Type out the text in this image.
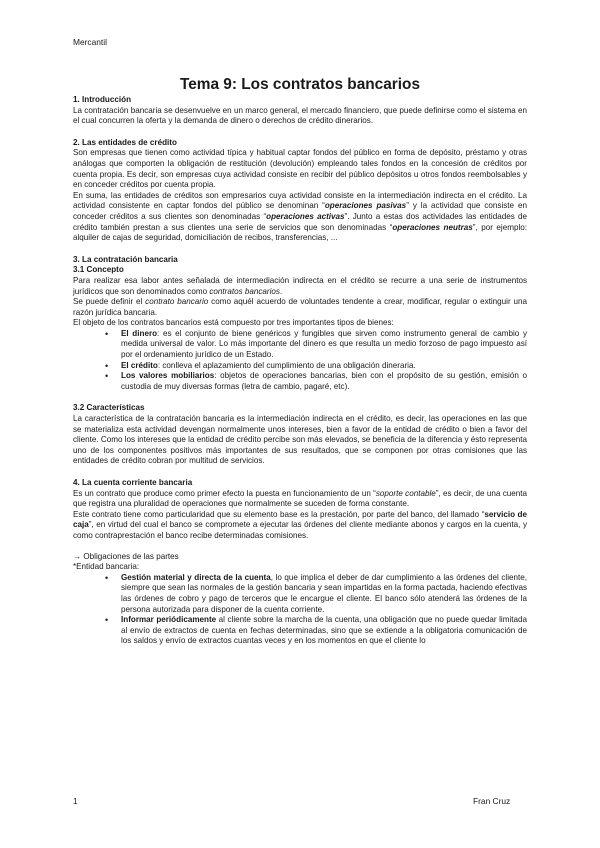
Mercantil
Tema 9: Los contratos bancarios

1. Introducción

La contratación bancaria se desenvuelve en un marco general, el mercado financiero, que puede definirse como el sistema en el cual concurren la oferta y la demanda de dinero o derechos de crédito dinerarios.

2. Las entidades de crédito

Son empresas que tienen como actividad típica y habitual captar fondos del público en forma de depósito, préstamo y otras análogas que comporten la obligación de restitución (devolución) empleando tales fondos en la concesión de créditos por cuenta propia. Es decir, son empresas cuya actividad consiste en recibir del público depósitos u otros fondos reembolsables y en conceder créditos por cuenta propia.

En suma, las entidades de créditos son empresarios cuya actividad consiste en la intermediación indirecta en el crédito. La actividad consistente en captar fondos del público se denominan “operaciones pasivas” y la actividad que consiste en conceder créditos a sus clientes son denominadas “operaciones activas”. Junto a estas dos actividades las entidades de crédito también prestan a sus clientes una serie de servicios que son denominadas “operaciones neutras”, por ejemplo: alquiler de cajas de seguridad, domiciliación de recibos, transferencias, ...

3. La contratación bancaria

3.1 Concepto

Para realizar esa labor antes señalada de intermediación indirecta en el crédito se recurre a una serie de instrumentos jurídicos que son denominados como contratos bancarios.

Se puede definir el contrato bancario como aquél acuerdo de voluntades tendente a crear, modificar, regular o extinguir una razón jurídica bancaria.

El objeto de los contratos bancarios está compuesto por tres importantes tipos de bienes:

• El dinero: es el conjunto de biene genéricos y fungibles que sirven como instrumento general de cambio y medida universal de valor. Lo más importante del dinero es que resulta un medio forzoso de pago impuesto así por el ordenamiento jurídico de un Estado.
• El crédito: conlleva el aplazamiento del cumplimiento de una obligación dineraria.
• Los valores mobiliarios: objetos de operaciones bancarias, bien con el propósito de su gestión, emisión o custodia de muy diversas formas (letra de cambio, pagaré, etc).

3.2 Características

La característica de la contratación bancaria es la intermediación indirecta en el crédito, es decir, las operaciones en las que se materializa esta actividad devengan normalmente unos intereses, bien a favor de la entidad de crédito o bien a favor del cliente. Como los intereses que la entidad de crédito percibe son más elevados, se beneficia de la diferencia y ésto representa uno de los componentes positivos más importantes de sus resultados, que se componen por otras comisiones que las entidades de crédito cobran por multitud de servicios.

4. La cuenta corriente bancaria

Es un contrato que produce como primer efecto la puesta en funcionamiento de un “soporte contable”, es decir, de una cuenta que registra una pluralidad de operaciones que normalmente se suceden de forma constante.

Este contrato tiene como particularidad que su elemento base es la prestación, por parte del banco, del llamado “servicio de caja”, en virtud del cual el banco se compromete a ejecutar las órdenes del cliente mediante abonos y cargos en la cuenta, y como contraprestación el banco recibe determinadas comisiones.

→ Obligaciones de las partes

*Entidad bancaria:

• Gestión material y directa de la cuenta, lo que implica el deber de dar cumplimiento a las órdenes del cliente, siempre que sean las normales de la gestión bancaria y sean impartidas en la forma pactada, haciendo efectivas las órdenes de cobro y pago de terceros que le encargue el cliente. El banco sólo atenderá las órdenes de la persona autorizada para disponer de la cuenta corriente.
• Informar periódicamente al cliente sobre la marcha de la cuenta, una obligación que no puede quedar limitada al envío de extractos de cuenta en fechas determinadas, sino que se extiende a la obligatoria comunicación de los saldos y envío de extractos cuantas veces y en los momentos en que el cliente lo
1	Fran Cruz
